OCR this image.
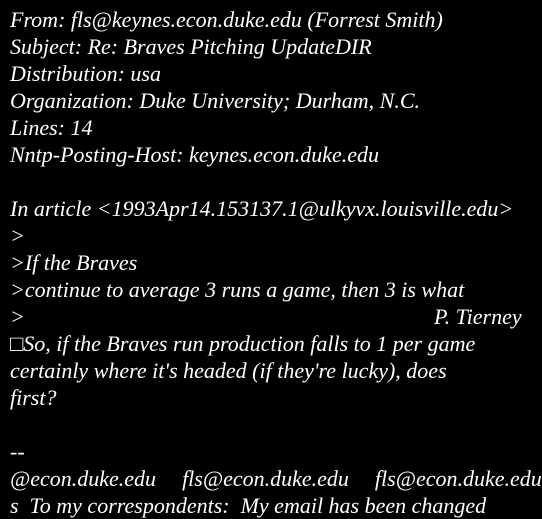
From: fls@keynes.econ.duke.edu (Forrest Smith)
Subject: Re: Braves Pitching UpdateDIR
Distribution: usa
Organization: Duke University; Durham, N.C.
Lines: 14
Nntp-Posting-Host: keynes.econ.duke.edu
In article <1993Apr14.153137.1@ulkyvx.louisville.edu>
>
>If the Braves
>continue to average 3 runs a game, then 3 is what
>	P. Tierney
□So, if the Braves run production falls to 1 per game
certainly where it's headed (if they're lucky), does
first?
--
@econ.duke.edu fls@econ.duke.edu fls@econ.duke.edu
s  To my correspondents:  My email has been changed
